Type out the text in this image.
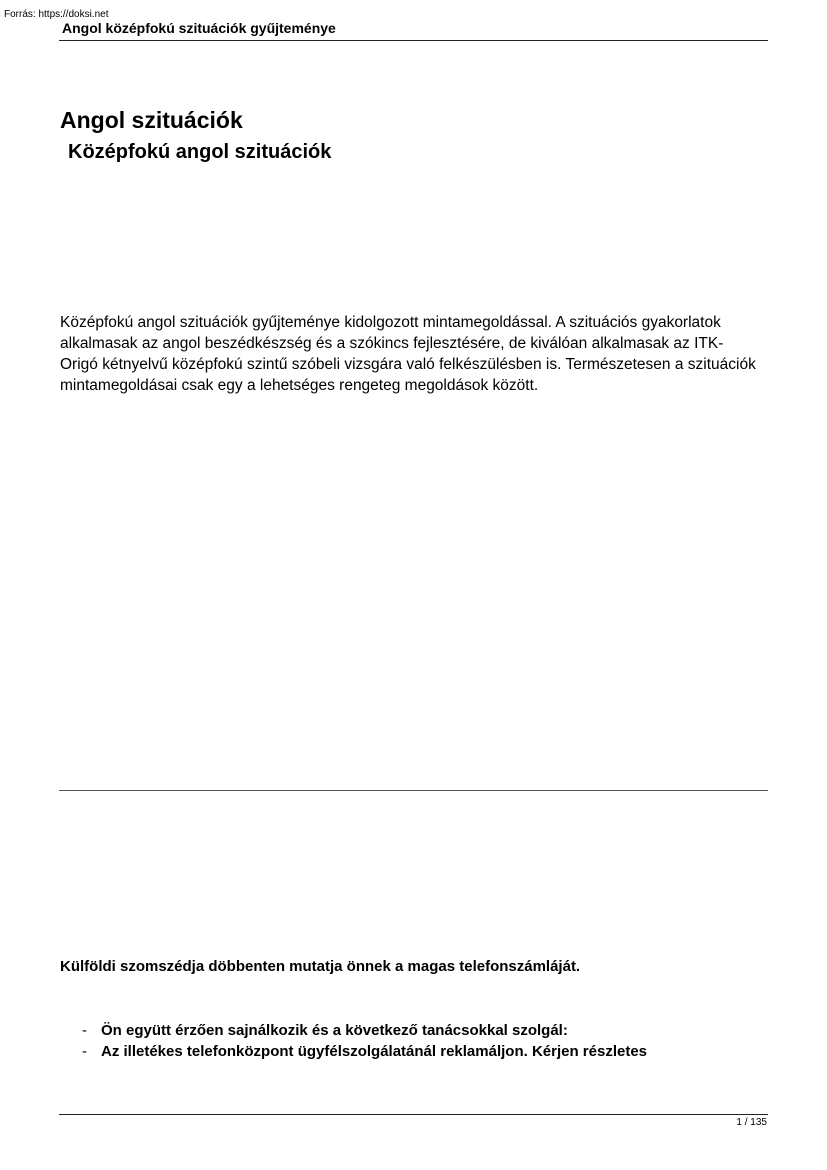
Forrás: https://doksi.net
Angol középfokú szituációk gyűjteménye
Angol szituációk
Középfokú angol szituációk

Középfokú angol szituációk gyűjteménye kidolgozott mintamegoldással. A szituációs gyakorlatok alkalmasak az angol beszédkészség és a szókincs fejlesztésére, de kiválóan alkalmasak az ITK-Origó kétnyelvű középfokú szintű szóbeli vizsgára való felkészülésben is. Természetesen a szituációk mintamegoldásai csak egy a lehetséges rengeteg megoldások között.

Külföldi szomszédja döbbenten mutatja önnek a magas telefonszámláját.

- Ön együtt érzően sajnálkozik és a következő tanácsokkal szolgál:
- Az illetékes telefonközpont ügyfélszolgálatánál reklamáljon. Kérjen részletes
1 / 135
